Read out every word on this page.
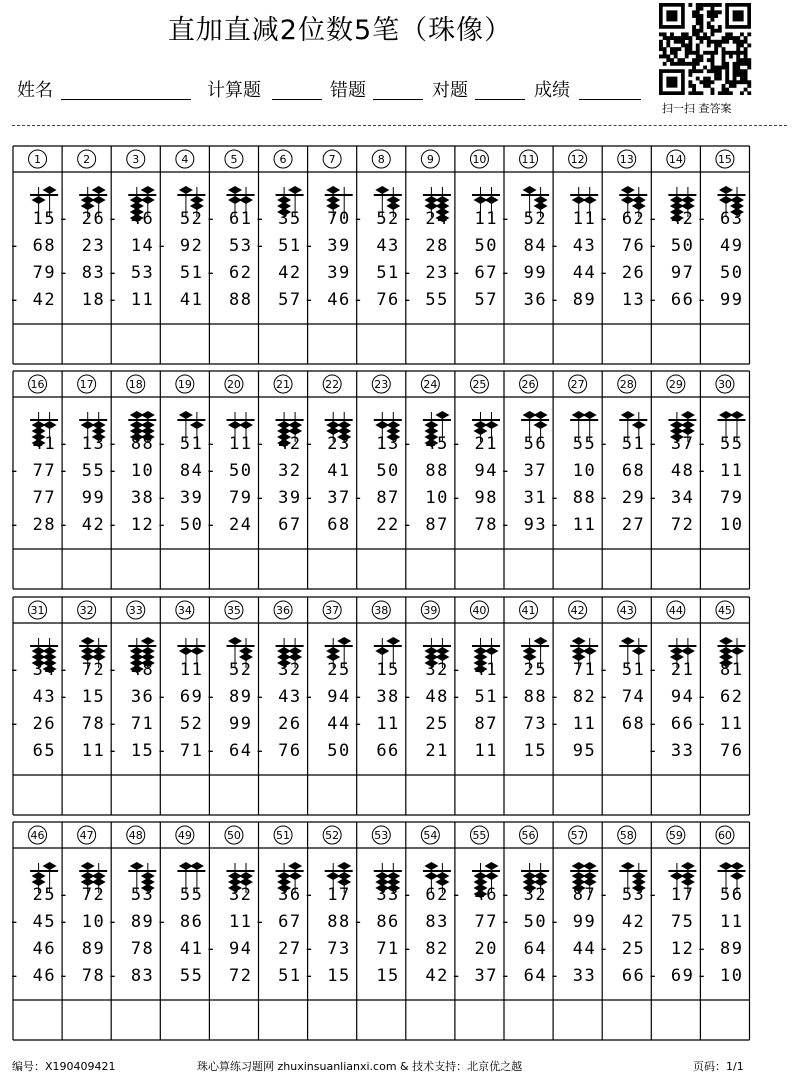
直加直减2位数5笔（珠像）
姓名	计算题	错题	对题	成绩
扫一扫 查答案
1
15
- 68
79
- 42
2
- 26
23
- 83
18
3
- 46
14
- 53
- 11
4
52
- 92
51
41
5
- 61
53
- 62
88
6
- 35
- 51
42
57
7
70
- 39
39
- 46
8
- 52
43
51
- 76
9
- 24
28
- 23
- 55
10
11
50
- 67
57
11
- 52
84
- 99
36
12
11
- 43
44
- 89
13
- 62
76
- 26
13
14
- 42
- 50
97
- 66
15
- 63
49
50
- 99
16
41
- 77
77
- 28
17
- 13
- 55
99
- 42
18
- 88
- 10
38
- 12
19
- 51
84
- 39
- 50
20
- 11
- 50
79
- 24
21
- 42
32
- 39
67
22
- 23
41
- 37
68
23
13
50
- 87
22
24
- 45
88
10
- 87
25
- 21
94
- 98
78
26
56
- 37
31
- 93
27
55
10
- 88
- 11
28
- 51
68
- 29
27
29
- 37
48
- 34
72
30
- 55
- 11
79
10
31
- 34
43
- 26
65
32
- 72
- 15
78
11
33
- 48
36
- 71
- 15
34
11
- 69
52
- 71
35
52
- 89
99
- 64
36
32
- 43
26
- 76
37
25
- 94
44
50
38
15
- 38
- 11
66
39
32
- 48
25
21
40
- 41
- 51
87
11
41
25
- 88
73
15
42
71
- 82
- 11
95
43
- 51
- 74
68
44
- 21
94
- 66
- 33
45
81
- 62
- 11
76
46
25
- 45
46
- 46
47
- 72
- 10
89
- 78
48
53
- 89
78
- 83
49
55
- 86
41
55
50
32
11
- 94
72
51
36
- 67
27
51
52
- 17
88
- 73
- 15
53
33
- 86
71
15
54
- 62
83
- 82
42
55
- 46
77
20
- 37
56
- 32
- 50
64
- 64
57
87
- 99
44
- 33
58
- 53
42
- 25
66
59
- 17
75
12
- 69
60
56
11
- 89
- 10
编号：X190409421	珠心算练习题网 zhuxinsuanlianxi.com & 技术支持：北京优之越	页码：1/1
